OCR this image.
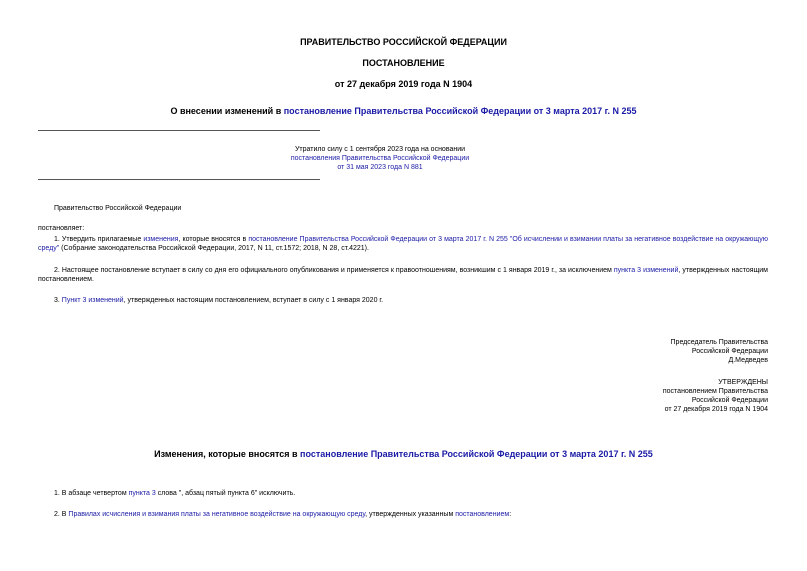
ПРАВИТЕЛЬСТВО РОССИЙСКОЙ ФЕДЕРАЦИИ
ПОСТАНОВЛЕНИЕ
от 27 декабря 2019 года N 1904
О внесении изменений в постановление Правительства Российской Федерации от 3 марта 2017 г. N 255
Утратило силу с 1 сентября 2023 года на основании
постановления Правительства Российской Федерации
от 31 мая 2023 года N 881
Правительство Российской Федерации
постановляет:
1. Утвердить прилагаемые изменения, которые вносятся в постановление Правительства Российской Федерации от 3 марта 2017 г. N 255 "Об исчислении и взимании платы за негативное воздействие на окружающую среду" (Собрание законодательства Российской Федерации, 2017, N 11, ст.1572; 2018, N 28, ст.4221).
2. Настоящее постановление вступает в силу со дня его официального опубликования и применяется к правоотношениям, возникшим с 1 января 2019 г., за исключением пункта 3 изменений, утвержденных настоящим постановлением.
3. Пункт 3 изменений, утвержденных настоящим постановлением, вступает в силу с 1 января 2020 г.
Председатель Правительства
Российской Федерации
Д.Медведев
УТВЕРЖДЕНЫ
постановлением Правительства
Российской Федерации
от 27 декабря 2019 года N 1904
Изменения, которые вносятся в постановление Правительства Российской Федерации от 3 марта 2017 г. N 255
1. В абзаце четвертом пункта 3 слова ", абзац пятый пункта 6" исключить.
2. В Правилах исчисления и взимания платы за негативное воздействие на окружающую среду, утвержденных указанным постановлением:
